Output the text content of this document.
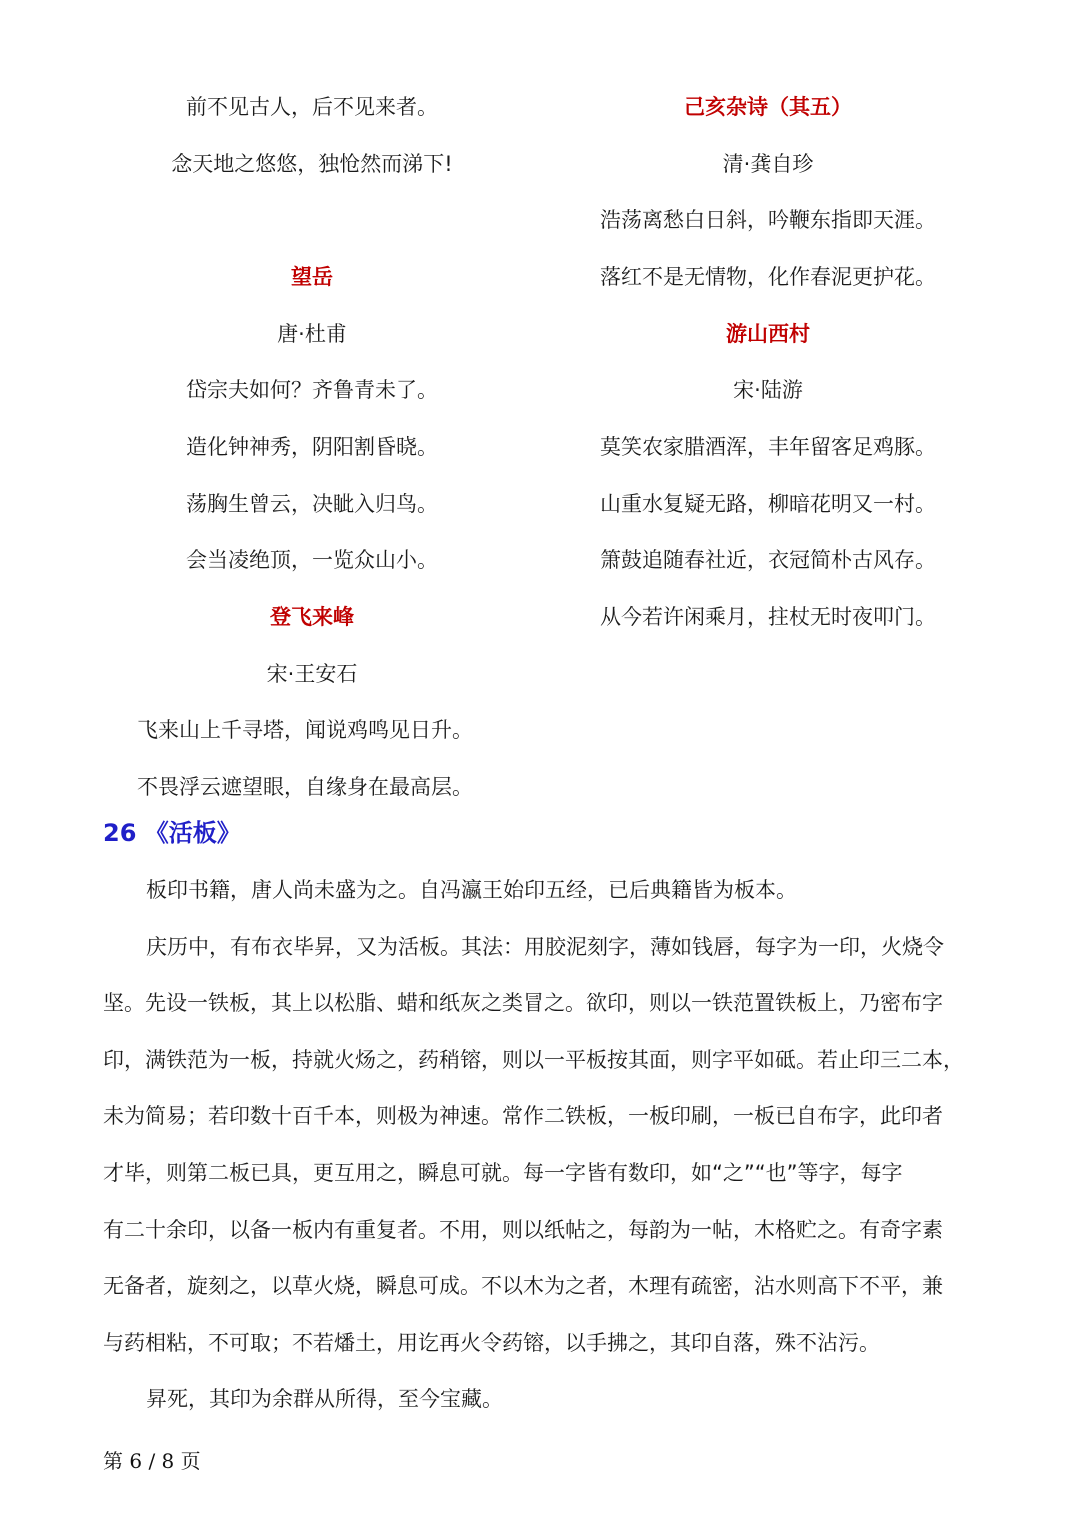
前不见古人，后不见来者。
念天地之悠悠，独怆然而涕下!
望岳
唐·杜甫
岱宗夫如何？齐鲁青未了。
造化钟神秀，阴阳割昏晓。
荡胸生曾云，决眦入归鸟。
会当凌绝顶，一览众山小。
登飞来峰
宋·王安石
飞来山上千寻塔，闻说鸡鸣见日升。
不畏浮云遮望眼，自缘身在最高层。
己亥杂诗（其五）
清·龚自珍
浩荡离愁白日斜，吟鞭东指即天涯。
落红不是无情物，化作春泥更护花。
游山西村
宋·陆游
莫笑农家腊酒浑，丰年留客足鸡豚。
山重水复疑无路，柳暗花明又一村。
箫鼓追随春社近，衣冠简朴古风存。
从今若许闲乘月，拄杖无时夜叩门。
26 《活板》
板印书籍，唐人尚未盛为之。自冯瀛王始印五经，已后典籍皆为板本。
庆历中，有布衣毕昇，又为活板。其法：用胶泥刻字，薄如钱唇，每字为一印，火烧令
坚。先设一铁板，其上以松脂、蜡和纸灰之类冒之。欲印，则以一铁范置铁板上，乃密布字
印，满铁范为一板，持就火炀之，药稍镕，则以一平板按其面，则字平如砥。若止印三二本，
未为简易；若印数十百千本，则极为神速。常作二铁板，一板印刷，一板已自布字，此印者
才毕，则第二板已具，更互用之，瞬息可就。每一字皆有数印，如“之”“也”等字，每字
有二十余印，以备一板内有重复者。不用，则以纸帖之，每韵为一帖，木格贮之。有奇字素
无备者，旋刻之，以草火烧，瞬息可成。不以木为之者，木理有疏密，沾水则高下不平，兼
与药相粘，不可取；不若燔土，用讫再火令药镕，以手拂之，其印自落，殊不沾污。
昇死，其印为余群从所得，至今宝藏。
第 6 / 8 页
